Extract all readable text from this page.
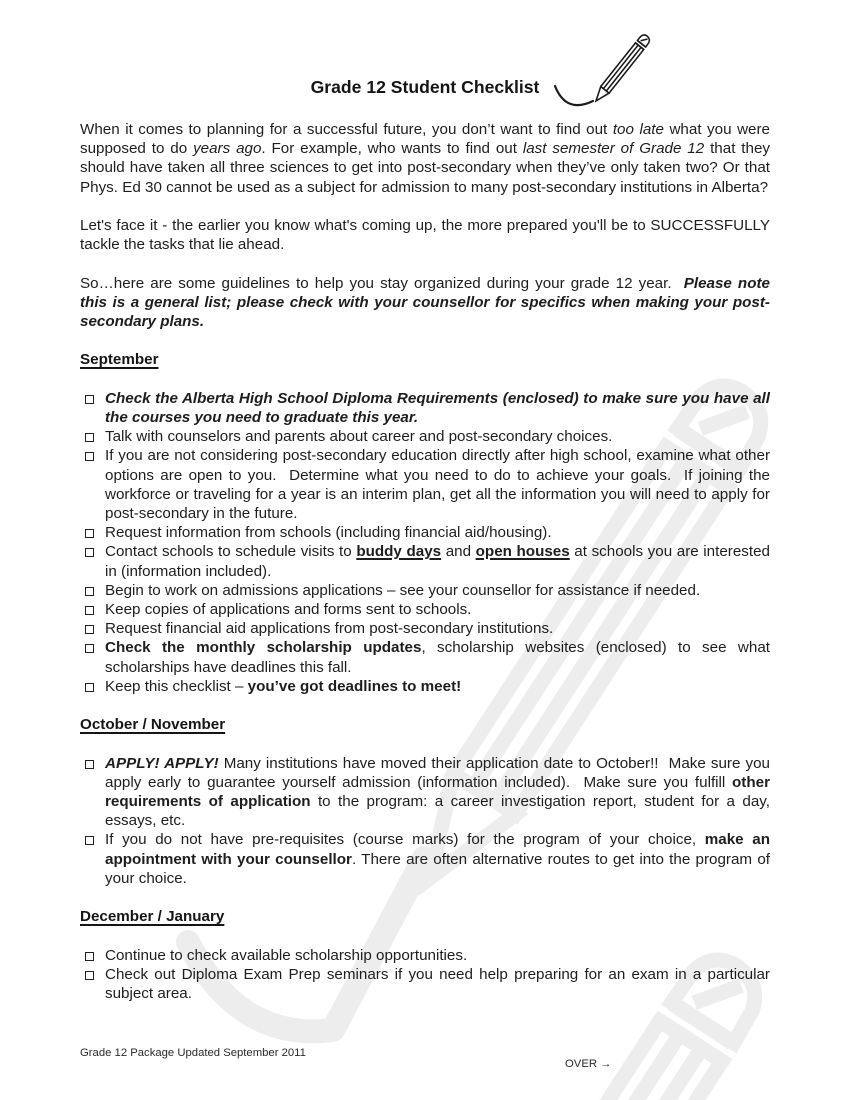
Grade 12 Student Checklist

When it comes to planning for a successful future, you don’t want to find out too late what you were supposed to do years ago. For example, who wants to find out last semester of Grade 12 that they should have taken all three sciences to get into post-secondary when they’ve only taken two? Or that Phys. Ed 30 cannot be used as a subject for admission to many post-secondary institutions in Alberta?

Let's face it - the earlier you know what's coming up, the more prepared you'll be to SUCCESSFULLY tackle the tasks that lie ahead.

So…here are some guidelines to help you stay organized during your grade 12 year.  Please note this is a general list; please check with your counsellor for specifics when making your post-secondary plans.

September
Check the Alberta High School Diploma Requirements (enclosed) to make sure you have all the courses you need to graduate this year.
Talk with counselors and parents about career and post-secondary choices.
If you are not considering post-secondary education directly after high school, examine what other options are open to you.  Determine what you need to do to achieve your goals.  If joining the workforce or traveling for a year is an interim plan, get all the information you will need to apply for post-secondary in the future.
Request information from schools (including financial aid/housing).
Contact schools to schedule visits to buddy days and open houses at schools you are interested in (information included).
Begin to work on admissions applications – see your counsellor for assistance if needed.
Keep copies of applications and forms sent to schools.
Request financial aid applications from post-secondary institutions.
Check the monthly scholarship updates, scholarship websites (enclosed) to see what scholarships have deadlines this fall.
Keep this checklist – you’ve got deadlines to meet!
October / November
APPLY! APPLY! Many institutions have moved their application date to October!!  Make sure you apply early to guarantee yourself admission (information included).  Make sure you fulfill other requirements of application to the program: a career investigation report, student for a day, essays, etc.
If you do not have pre-requisites (course marks) for the program of your choice, make an appointment with your counsellor. There are often alternative routes to get into the program of your choice.
December / January
Continue to check available scholarship opportunities.
Check out Diploma Exam Prep seminars if you need help preparing for an exam in a particular subject area.
Grade 12 Package Updated September 2011
OVER →
